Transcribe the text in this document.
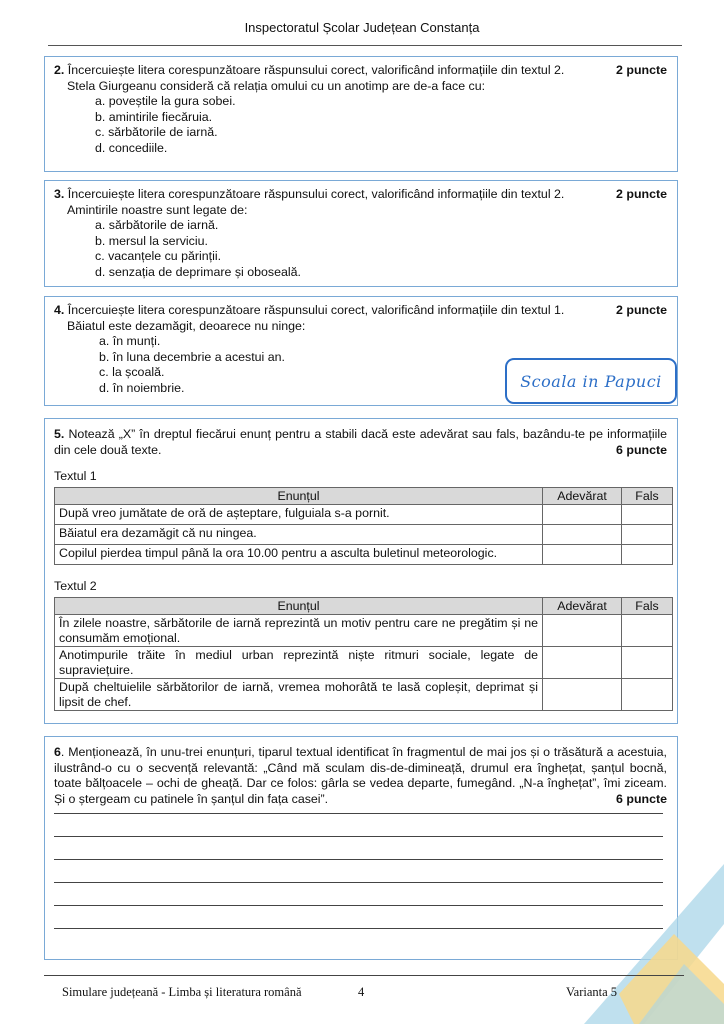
Inspectoratul Școlar Județean Constanța
2. Încercuiește litera corespunzătoare răspunsului corect, valorificând informațiile din textul 2.	2 puncte
Stela Giurgeanu consideră că relația omului cu un anotimp are de-a face cu:
a. poveștile la gura sobei.
b. amintirile fiecăruia.
c. sărbătorile de iarnă.
d. concediile.
3. Încercuiește litera corespunzătoare răspunsului corect, valorificând informațiile din textul 2.	2 puncte
Amintirile noastre sunt legate de:
a. sărbătorile de iarnă.
b. mersul la serviciu.
c. vacanțele cu părinții.
d. senzația de deprimare și oboseală.
4. Încercuiește litera corespunzătoare răspunsului corect, valorificând informațiile din textul 1.	2 puncte
Băiatul este dezamăgit, deoarece nu ninge:
a. în munți.
b. în luna decembrie a acestui an.
c. la școală.
d. în noiembrie.	Scoala in Papuci
5. Notează „X” în dreptul fiecărui enunț pentru a stabili dacă este adevărat sau fals, bazându-te pe informațiile din cele două texte.	6 puncte
Textul 1
Enunțul	Adevărat	Fals
După vreo jumătate de oră de așteptare, fulguiala s-a pornit.		
Băiatul era dezamăgit că nu ningea.		
Copilul pierdea timpul până la ora 10.00 pentru a asculta buletinul meteorologic.		
Textul 2
Enunțul	Adevărat	Fals
În zilele noastre, sărbătorile de iarnă reprezintă un motiv pentru care ne pregătim și ne consumăm emoțional.		
Anotimpurile trăite în mediul urban reprezintă niște ritmuri sociale, legate de supraviețuire.		
După cheltuielile sărbătorilor de iarnă, vremea mohorâtă te lasă copleșit, deprimat și lipsit de chef.		
6. Menționează, în unu-trei enunțuri, tiparul textual identificat în fragmentul de mai jos și o trăsătură a acestuia, ilustrând-o cu o secvență relevantă: „Când mă sculam dis-de-dimineață, drumul era înghețat, șanțul bocnă, toate bălțoacele – ochi de gheață. Dar ce folos: gârla se vedea departe, fumegând. „N-a înghețat”, îmi ziceam. Și o ștergeam cu patinele în șanțul din fața casei”.	6 puncte
Simulare județeană - Limba și literatura română	4	Varianta 5
